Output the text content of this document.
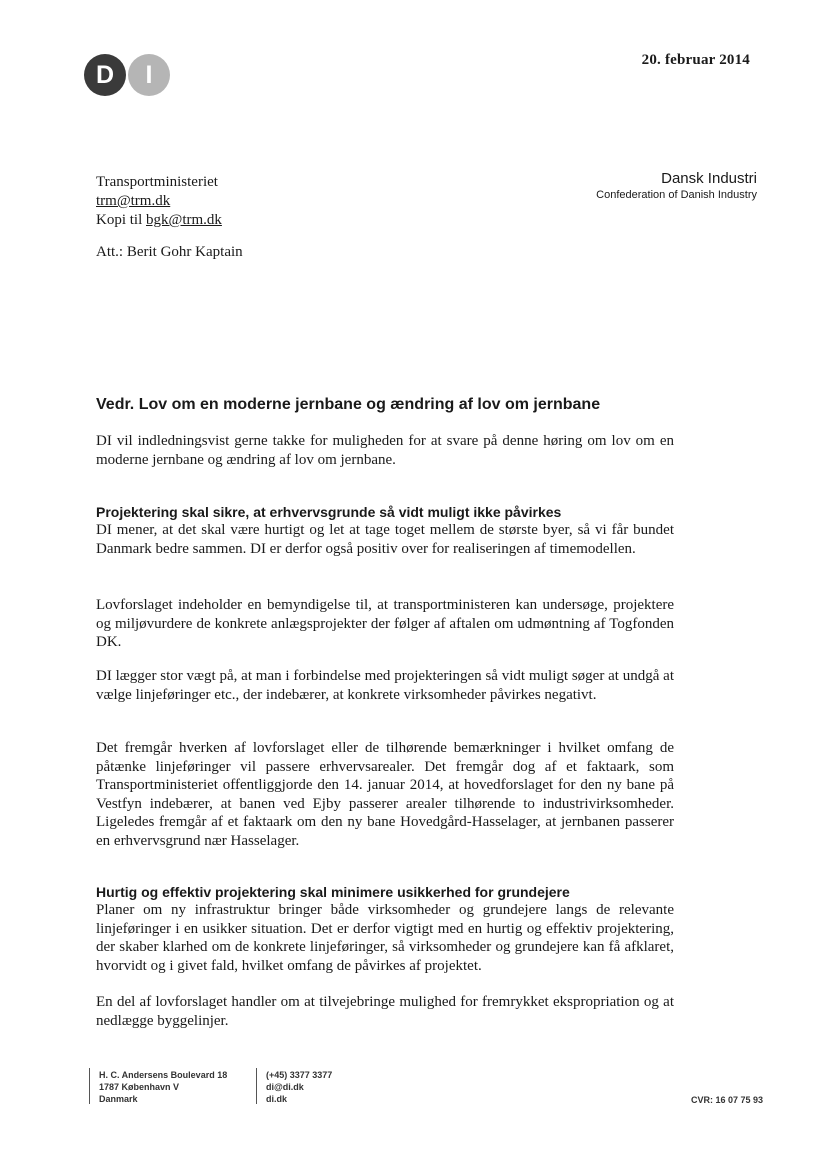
D	I
20. februar 2014
Dansk Industri
Confederation of Danish Industry
Transportministeriet
trm@trm.dk
Kopi til bgk@trm.dk
Att.: Berit Gohr Kaptain
Vedr. Lov om en moderne jernbane og ændring af lov om jernbane

DI vil indledningsvist gerne takke for muligheden for at svare på denne høring om lov om en moderne jernbane og ændring af lov om jernbane.

Projektering skal sikre, at erhvervsgrunde så vidt muligt ikke påvirkes

DI mener, at det skal være hurtigt og let at tage toget mellem de største byer, så vi får bundet Danmark bedre sammen. DI er derfor også positiv over for realiseringen af timemodellen.

Lovforslaget indeholder en bemyndigelse til, at transportministeren kan undersøge, projektere og miljøvurdere de konkrete anlægsprojekter der følger af aftalen om udmøntning af Togfonden DK.

DI lægger stor vægt på, at man i forbindelse med projekteringen så vidt muligt søger at undgå at vælge linjeføringer etc., der indebærer, at konkrete virksomheder påvirkes negativt.

Det fremgår hverken af lovforslaget eller de tilhørende bemærkninger i hvilket omfang de påtænke linjeføringer vil passere erhvervsarealer. Det fremgår dog af et faktaark, som Transportministeriet offentliggjorde den 14. januar 2014, at hovedforslaget for den ny bane på Vestfyn indebærer, at banen ved Ejby passerer arealer tilhørende to industrivirksomheder. Ligeledes fremgår af et faktaark om den ny bane Hovedgård-Hasselager, at jernbanen passerer en erhvervsgrund nær Hasselager.

Hurtig og effektiv projektering skal minimere usikkerhed for grundejere

Planer om ny infrastruktur bringer både virksomheder og grundejere langs de relevante linjeføringer i en usikker situation. Det er derfor vigtigt med en hurtig og effektiv projektering, der skaber klarhed om de konkrete linjeføringer, så virksomheder og grundejere kan få afklaret, hvorvidt og i givet fald, hvilket omfang de påvirkes af projektet.

En del af lovforslaget handler om at tilvejebringe mulighed for fremrykket ekspropriation og at nedlægge byggelinjer.

H. C. Andersens Boulevard 18
1787 København V
Danmark
(+45) 3377 3377
di@di.dk
di.dk	CVR: 16 07 75 93
